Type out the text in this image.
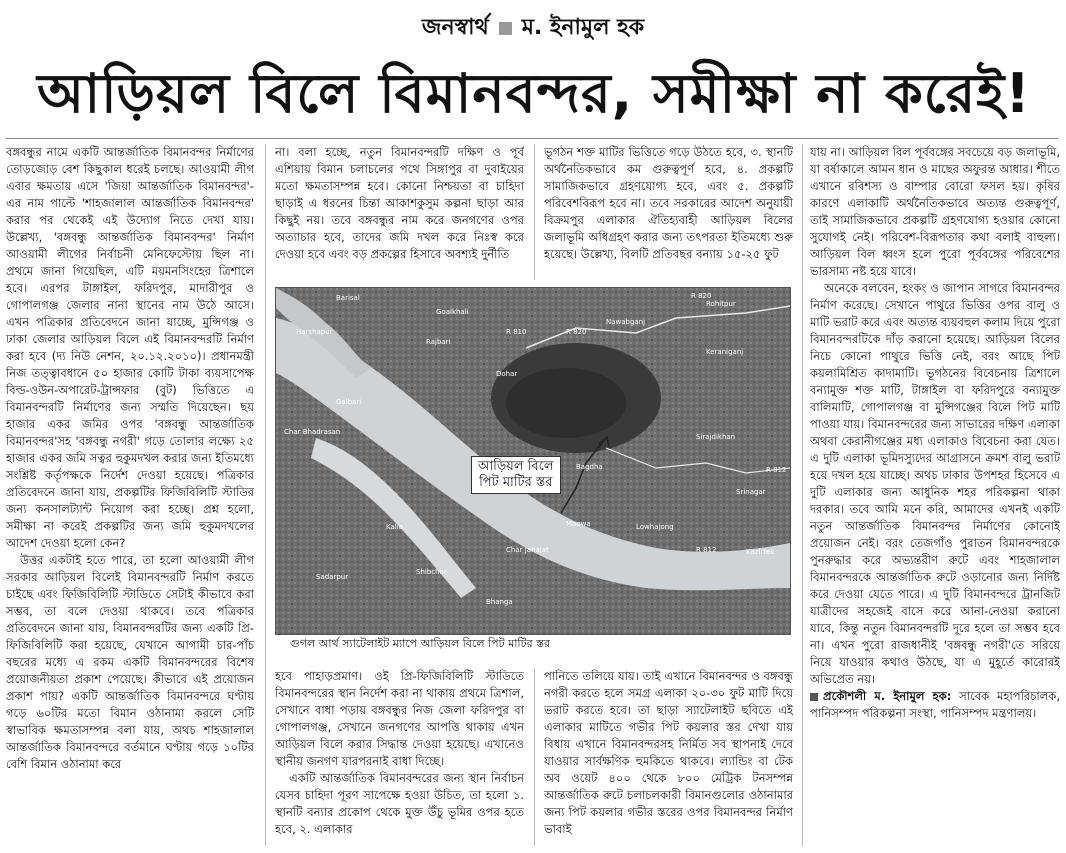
জনস্বার্থ ম. ইনামুল হক
আড়িয়ল বিলে বিমানবন্দর, সমীক্ষা না করেই!

বঙ্গবন্ধুর নামে একটি আন্তর্জাতিক বিমানবন্দর নির্মাণের তোড়জোড় বেশ কিছুকাল ধরেই চলছে। আওয়ামী লীগ এবার ক্ষমতায় এসে 'জিয়া আন্তর্জাতিক বিমানবন্দর'-এর নাম পাল্টে 'শাহজালাল আন্তর্জাতিক বিমানবন্দর' করার পর থেকেই এই উদ্যোগ নিতে দেখা যায়। উল্লেখ্য, 'বঙ্গবন্ধু আন্তর্জাতিক বিমানবন্দর' নির্মাণ আওয়ামী লীগের নির্বাচনী মেনিফেস্টোয় ছিল না। প্রথমে জানা গিয়েছিল, এটি ময়মনসিংহের ত্রিশালে হবে। এরপর টাঙ্গাইল, ফরিদপুর, মাদারীপুর ও গোপালগঞ্জ জেলার নানা স্থানের নাম উঠে আসে। এখন পত্রিকার প্রতিবেদনে জানা যাচ্ছে, মুন্সিগঞ্জ ও ঢাকা জেলার আড়িয়ল বিলে এই বিমানবন্দরটি নির্মাণ করা হবে (দ্য নিউ নেশন, ২০.১২.২০১০)। প্রধানমন্ত্রী নিজ তত্ত্বাবধানে ৫০ হাজার কোটি টাকা ব্যয়সাপেক্ষ বিল্ড-ওউন-অপারেট-ট্রান্সফার (বুট) ভিত্তিতে এ বিমানবন্দরটি নির্মাণের জন্য সম্মতি দিয়েছেন। ছয় হাজার একর জমির ওপর 'বঙ্গবন্ধু আন্তর্জাতিক বিমানবন্দর'সহ 'বঙ্গবন্ধু নগরী' গড়ে তোলার লক্ষ্যে ২৫ হাজার একর জমি সত্বর হুকুমদখল করার জন্য ইতিমধ্যে সংশ্লিষ্ট কর্তৃপক্ষকে নির্দেশ দেওয়া হয়েছে। পত্রিকার প্রতিবেদনে জানা যায়, প্রকল্পটির ফিজিবিলিটি স্টাডির জন্য কনসালট্যান্ট নিয়োগ করা হচ্ছে। প্রশ্ন হলো, সমীক্ষা না করেই প্রকল্পটির জন্য জমি হুকুমদখলের আদেশ দেওয়া হলো কেন?

উত্তর একটাই হতে পারে, তা হলো আওয়ামী লীগ সরকার আড়িয়ল বিলেই বিমানবন্দরটি নির্মাণ করতে চাইছে এবং ফিজিবিলিটি স্টাডিতে সেটাই কীভাবে করা সম্ভব, তা বলে দেওয়া থাকবে। তবে পত্রিকার প্রতিবেদনে জানা যায়, বিমানবন্দরটির জন্য একটি প্রি-ফিজিবিলিটি করা হয়েছে, যেখানে আগামী চার-পাঁচ বছরের মধ্যে এ রকম একটি বিমানবন্দরের বিশেষ প্রয়োজনীয়তা প্রকাশ পেয়েছে। কীভাবে এই প্রয়োজন প্রকাশ পায়? একটি আন্তর্জাতিক বিমানবন্দরে ঘণ্টায় গড়ে ৬০টির মতো বিমান ওঠানামা করলে সেটি স্বাভাবিক ক্ষমতাসম্পন্ন বলা যায়, অথচ শাহজালাল আন্তর্জাতিক বিমানবন্দরে বর্তমানে ঘণ্টায় গড়ে ১০টির বেশি বিমান ওঠানামা করে

না। বলা হচ্ছে, নতুন বিমানবন্দরটি দক্ষিণ ও পূর্ব এশিয়ায় বিমান চলাচলের পথে সিঙ্গাপুর বা দুবাইয়ের মতো ক্ষমতাসম্পন্ন হবে। কোনো নিশ্চয়তা বা চাহিদা ছাড়াই এ ধরনের চিন্তা আকাশকুসুম কল্পনা ছাড়া আর কিছুই নয়। তবে বঙ্গবন্ধুর নাম করে জনগণের ওপর অত্যাচার হবে, তাদের জমি দখল করে নিঃস্ব করে দেওয়া হবে এবং বড় প্রকল্পের হিসাবে অবশ্যই দুর্নীতি

ভূগঠন শক্ত মাটির ভিত্তিতে গড়ে উঠতে হবে, ৩. স্থানটি অর্থনৈতিকভাবে কম গুরুত্বপূর্ণ হবে, ৪. প্রকল্পটি সামাজিকভাবে গ্রহণযোগ্য হবে, এবং ৫. প্রকল্পটি পরিবেশবিরূপ হবে না। তবে সরকারের আদেশ অনুযায়ী বিক্রমপুর এলাকার ঐতিহ্যবাহী আড়িয়ল বিলের জলাভূমি অধিগ্রহণ করার জন্য তৎপরতা ইতিমধ্যে শুরু হয়েছে। উল্লেখ্য, বিলটি প্রতিবছর বন্যায় ১৫-২৫ ফুট

Barisal
Dohar
Rajbari
Galbari
Char Bhadrasan
Kalia
Sadarpur
Nawabganj
Keraniganj
Rohitpur
Bagdha
Sirajdikhan
Srinagar
Lowhajong
Maowa
Shibchar
Char Janajat
Bhanga
Kazirtek
Harshapur
Goalkhali
R 820
R 820
R 810
R 812
R 812
আড়িয়ল বিলে
পিট মাটির স্তর
গুগল আর্থ স্যাটেলাইট ম্যাপে আড়িয়ল বিলে পিট মাটির স্তর

হবে পাহাড়প্রমাণ। ওই প্রি-ফিজিবিলিটি স্টাডিতে বিমানবন্দরের স্থান নির্দেশ করা না থাকায় প্রথমে ত্রিশাল, সেখানে বাধা পড়ায় বঙ্গবন্ধুর নিজ জেলা ফরিদপুর বা গোপালগঞ্জ, সেখানে জনগণের আপত্তি থাকায় এখন আড়িয়ল বিলে করার সিদ্ধান্ত দেওয়া হয়েছে। এখানেও স্থানীয় জনগণ যারপরনাই বাধা দিচ্ছে।

একটি আন্তর্জাতিক বিমানবন্দরের জন্য স্থান নির্বাচন যেসব চাহিদা পূরণ সাপেক্ষে হওয়া উচিত, তা হলো ১. স্থানটি বন্যার প্রকোপ থেকে মুক্ত উঁচু ভূমির ওপর হতে হবে, ২. এলাকার

পানিতে তলিয়ে যায়। তাই এখানে বিমানবন্দর ও বঙ্গবন্ধু নগরী করতে হলে সমগ্র এলাকা ২০-৩০ ফুট মাটি দিয়ে ভরাট করতে হবে। তা ছাড়া স্যাটেলাইট ছবিতে এই এলাকার মাটিতে গভীর পিট কয়লার স্তর দেখা যায় বিধায় এখানে বিমানবন্দরসহ নির্মিত সব স্থাপনাই দেবে যাওয়ার সার্বক্ষণিক হুমকিতে থাকবে। ল্যান্ডিং বা টেক অব ওয়েট ৪০০ থেকে ৮০০ মেট্রিক টনসম্পন্ন আন্তর্জাতিক রুটে চলাচলকারী বিমানগুলোর ওঠানামার জন্য পিট কয়লার গভীর স্তরের ওপর বিমানবন্দর নির্মাণ ভাবাই

যায় না। আড়িয়ল বিল পূর্ববঙ্গের সবচেয়ে বড় জলাভূমি, যা বর্ষাকালে আমন ধান ও মাছের অফুরন্ত আধার। শীতে এখানে রবিশস্য ও বাম্পার বোরো ফসল হয়। কৃষির কারণে এলাকাটি অর্থনৈতিকভাবে অত্যন্ত গুরুত্বপূর্ণ, তাই সামাজিকভাবে প্রকল্পটি গ্রহণযোগ্য হওয়ার কোনো সুযোগই নেই। পরিবেশ-বিরূপতার কথা বলাই বাহুল্য। আড়িয়ল বিল ধ্বংস হলে পুরো পূর্ববঙ্গের পরিবেশের ভারসাম্য নষ্ট হয়ে যাবে।

অনেকে বলবেন, হংকং ও জাপান সাগরে বিমানবন্দর নির্মাণ করেছে। সেখানে পাথুরে ভিত্তির ওপর বালু ও মাটি ভরাট করে এবং অত্যন্ত ব্যয়বহুল কলাম দিয়ে পুরো বিমানবন্দরটিকে দাঁড় করানো হয়েছে। আড়িয়ল বিলের নিচে কোনো পাথুরে ভিত্তি নেই, বরং আছে পিট কয়লামিশ্রিত কাদামাটি। ভূগঠনের বিবেচনায় ত্রিশালে বন্যামুক্ত শক্ত মাটি, টাঙ্গাইল বা ফরিদপুরে বন্যামুক্ত বালিমাটি, গোপালগঞ্জ বা মুন্সিগঞ্জের বিলে পিট মাটি পাওয়া যায়। বিমানবন্দরের জন্য সাভারের দক্ষিণ এলাকা অথবা কেরানীগঞ্জের মধ্য এলাকাও বিবেচনা করা যেত। এ দুটি এলাকা ভূমিদস্যুদের আগ্রাসনে ক্রমশ বালু ভরাট হয়ে দখল হয়ে যাচ্ছে। অথচ ঢাকার উপশহর হিসেবে এ দুটি এলাকার জন্য আধুনিক শহর পরিকল্পনা থাকা দরকার। তবে আমি মনে করি, আমাদের এখনই একটি নতুন আন্তর্জাতিক বিমানবন্দর নির্মাণের কোনোই প্রয়োজন নেই। বরং তেজগাঁও পুরাতন বিমানবন্দরকে পুনরুদ্ধার করে অভ্যন্তরীণ রুটে এবং শাহজালাল বিমানবন্দরকে আন্তর্জাতিক রুটে ওড়ানোর জন্য নির্দিষ্ট করে দেওয়া যেতে পারে। এ দুটি বিমানবন্দরে ট্রানজিট যাত্রীদের সহজেই বাসে করে আনা-নেওয়া করানো যাবে, কিন্তু নতুন বিমানবন্দরটি দূরে হলে তা সম্ভব হবে না। এখন পুরো রাজধানীই 'বঙ্গবন্ধু নগরী'তে সরিয়ে নিয়ে যাওয়ার কথাও উঠছে, যা এ মুহূর্তে কারোরই অভিপ্রেত নয়।

প্রকৌশলী ম. ইনামুল হক: সাবেক মহাপরিচালক, পানিসম্পদ পরিকল্পনা সংস্থা, পানিসম্পদ মন্ত্রণালয়।
